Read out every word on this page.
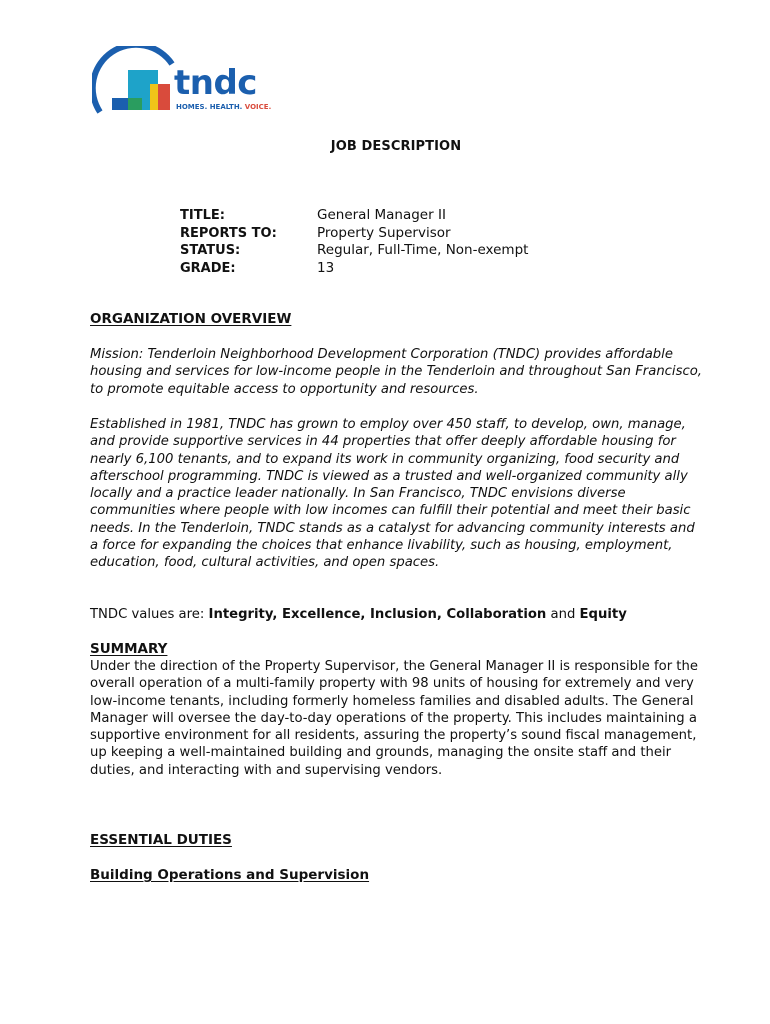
tndc
HOMES. HEALTH. VOICE.
JOB DESCRIPTION
TITLE:	General Manager II
REPORTS TO:	Property Supervisor
STATUS:	Regular, Full-Time, Non-exempt
GRADE:	13
ORGANIZATION OVERVIEW
Mission: Tenderloin Neighborhood Development Corporation (TNDC) provides affordable housing and services for low-income people in the Tenderloin and throughout San Francisco, to promote equitable access to opportunity and resources.
Established in 1981, TNDC has grown to employ over 450 staff, to develop, own, manage, and provide supportive services in 44 properties that offer deeply affordable housing for nearly 6,100 tenants, and to expand its work in community organizing, food security and afterschool programming. TNDC is viewed as a trusted and well-organized community ally locally and a practice leader nationally. In San Francisco, TNDC envisions diverse communities where people with low incomes can fulfill their potential and meet their basic needs. In the Tenderloin, TNDC stands as a catalyst for advancing community interests and a force for expanding the choices that enhance livability, such as housing, employment, education, food, cultural activities, and open spaces.
TNDC values are: Integrity, Excellence, Inclusion, Collaboration and Equity
SUMMARY
Under the direction of the Property Supervisor, the General Manager II is responsible for the overall operation of a multi-family property with 98 units of housing for extremely and very low-income tenants, including formerly homeless families and disabled adults. The General Manager will oversee the day-to-day operations of the property. This includes maintaining a supportive environment for all residents, assuring the property’s sound fiscal management, up keeping a well-maintained building and grounds, managing the onsite staff and their duties, and interacting with and supervising vendors.
ESSENTIAL DUTIES
Building Operations and Supervision
